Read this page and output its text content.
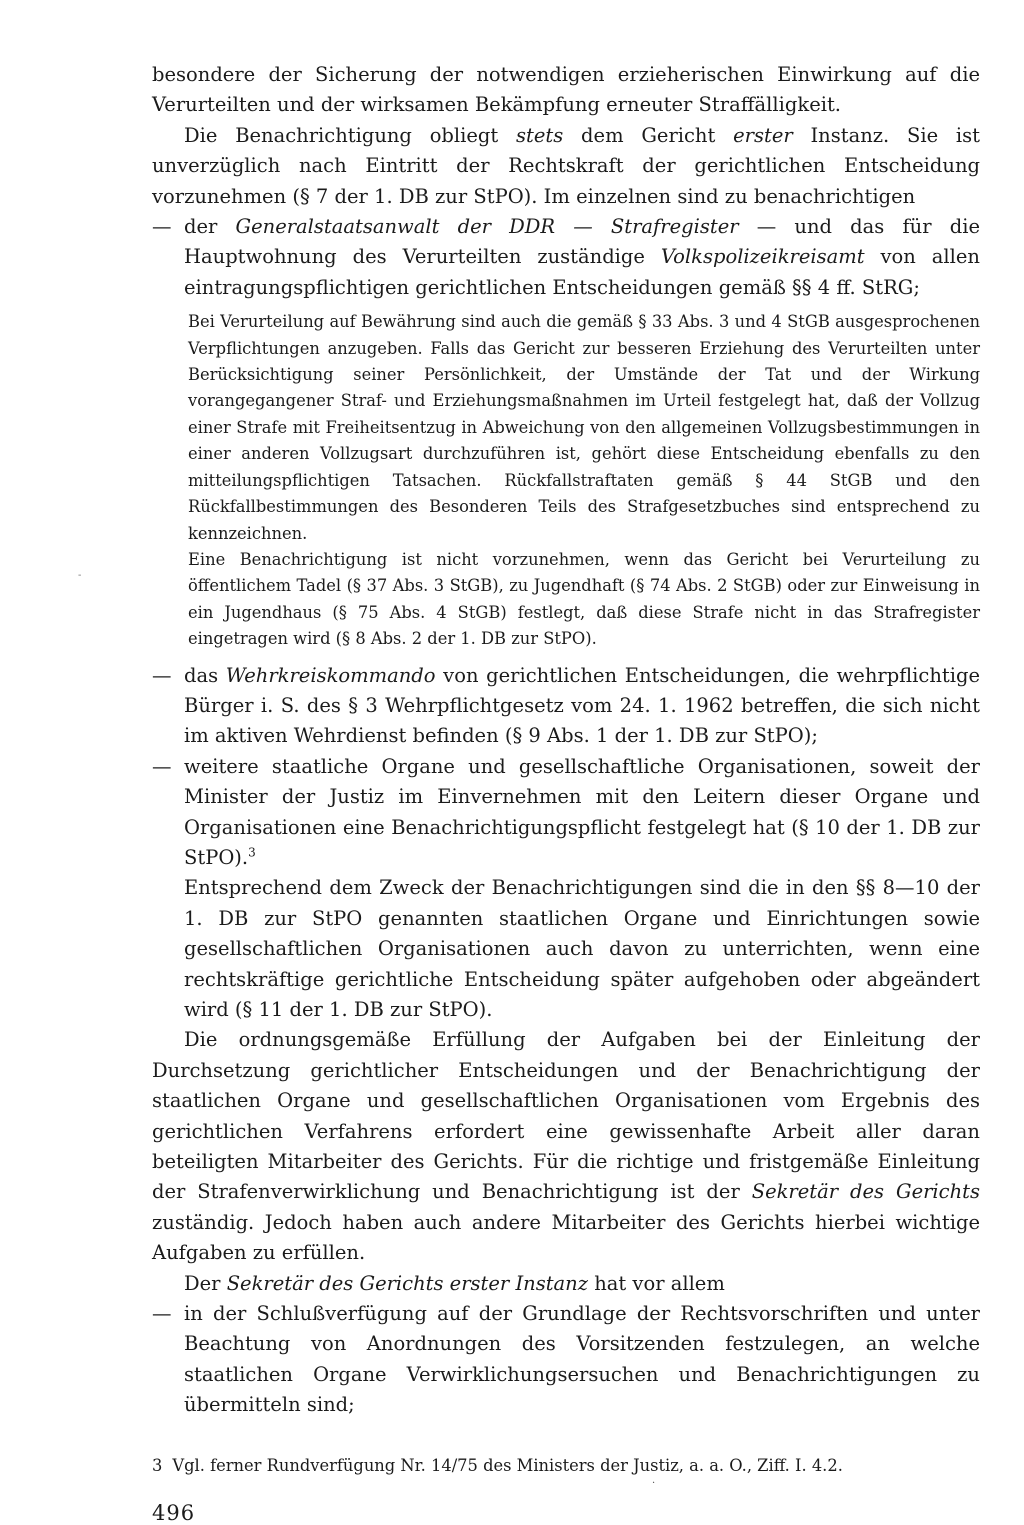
besondere der Sicherung der notwendigen erzieherischen Einwirkung auf die Verurteilten und der wirksamen Bekämpfung erneuter Straffälligkeit.

Die Benachrichtigung obliegt stets dem Gericht erster Instanz. Sie ist unverzüglich nach Eintritt der Rechtskraft der gerichtlichen Entscheidung vorzunehmen (§ 7 der 1. DB zur StPO). Im einzelnen sind zu benachrichtigen

— der Generalstaatsanwalt der DDR — Strafregister — und das für die Hauptwohnung des Verurteilten zuständige Volkspolizeikreisamt von allen eintragungspflichtigen gerichtlichen Entscheidungen gemäß §§ 4 ff. StRG;

Bei Verurteilung auf Bewährung sind auch die gemäß § 33 Abs. 3 und 4 StGB ausgesprochenen Verpflichtungen anzugeben. Falls das Gericht zur besseren Erziehung des Verurteilten unter Berücksichtigung seiner Persönlichkeit, der Umstände der Tat und der Wirkung vorangegangener Straf- und Erziehungsmaßnahmen im Urteil festgelegt hat, daß der Vollzug einer Strafe mit Freiheitsentzug in Abweichung von den allgemeinen Vollzugsbestimmungen in einer anderen Vollzugsart durchzuführen ist, gehört diese Entscheidung ebenfalls zu den mitteilungspflichtigen Tatsachen. Rückfallstraftaten gemäß § 44 StGB und den Rückfallbestimmungen des Besonderen Teils des Strafgesetzbuches sind entsprechend zu kennzeichnen.

Eine Benachrichtigung ist nicht vorzunehmen, wenn das Gericht bei Verurteilung zu öffentlichem Tadel (§ 37 Abs. 3 StGB), zu Jugendhaft (§ 74 Abs. 2 StGB) oder zur Einweisung in ein Jugendhaus (§ 75 Abs. 4 StGB) festlegt, daß diese Strafe nicht in das Strafregister eingetragen wird (§ 8 Abs. 2 der 1. DB zur StPO).

— das Wehrkreiskommando von gerichtlichen Entscheidungen, die wehrpflichtige Bürger i. S. des § 3 Wehrpflichtgesetz vom 24. 1. 1962 betreffen, die sich nicht im aktiven Wehrdienst befinden (§ 9 Abs. 1 der 1. DB zur StPO);
— weitere staatliche Organe und gesellschaftliche Organisationen, soweit der Minister der Justiz im Einvernehmen mit den Leitern dieser Organe und Organisationen eine Benachrichtigungspflicht festgelegt hat (§ 10 der 1. DB zur StPO).$^3$

Entsprechend dem Zweck der Benachrichtigungen sind die in den §§ 8—10 der 1. DB zur StPO genannten staatlichen Organe und Einrichtungen sowie gesellschaftlichen Organisationen auch davon zu unterrichten, wenn eine rechtskräftige gerichtliche Entscheidung später aufgehoben oder abgeändert wird (§ 11 der 1. DB zur StPO).

Die ordnungsgemäße Erfüllung der Aufgaben bei der Einleitung der Durchsetzung gerichtlicher Entscheidungen und der Benachrichtigung der staatlichen Organe und gesellschaftlichen Organisationen vom Ergebnis des gerichtlichen Verfahrens erfordert eine gewissenhafte Arbeit aller daran beteiligten Mitarbeiter des Gerichts. Für die richtige und fristgemäße Einleitung der Strafenverwirklichung und Benachrichtigung ist der Sekretär des Gerichts zuständig. Jedoch haben auch andere Mitarbeiter des Gerichts hierbei wichtige Aufgaben zu erfüllen.

Der Sekretär des Gerichts erster Instanz hat vor allem

— in der Schlußverfügung auf der Grundlage der Rechtsvorschriften und unter Beachtung von Anordnungen des Vorsitzenden festzulegen, an welche staatlichen Organe Verwirklichungsersuchen und Benachrichtigungen zu übermitteln sind;
3 Vgl. ferner Rundverfügung Nr. 14/75 des Ministers der Justiz, a. a. O., Ziff. I. 4.2.
496
-
·
